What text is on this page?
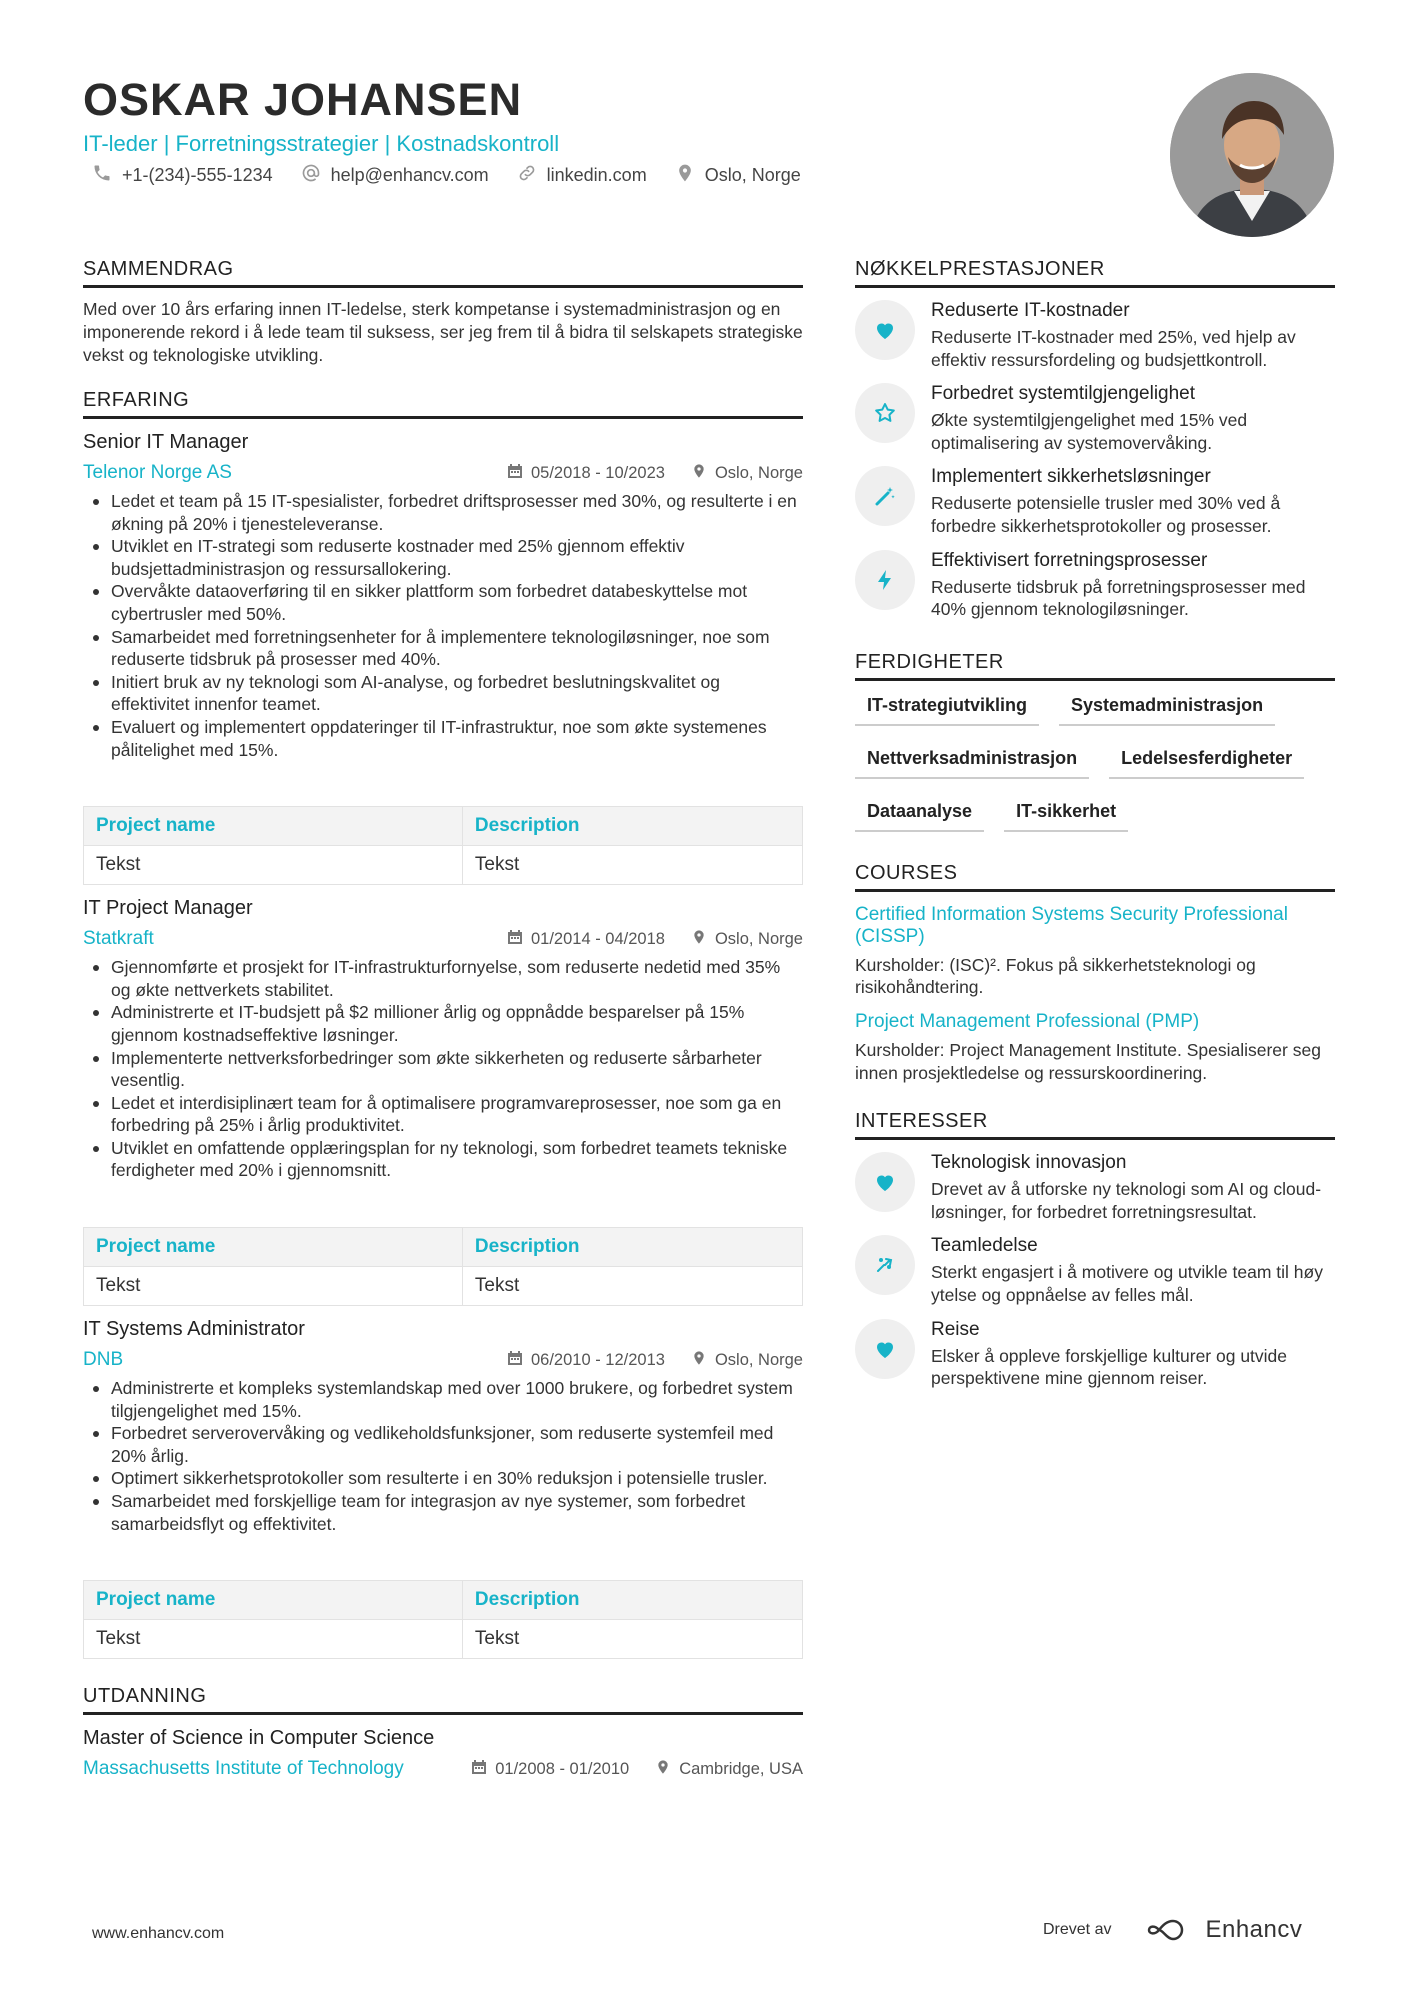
OSKAR JOHANSEN
IT-leder | Forretningsstrategier | Kostnadskontroll
+1-(234)-555-1234	help@enhancv.com	linkedin.com	Oslo, Norge
SAMMENDRAG
Med over 10 års erfaring innen IT-ledelse, sterk kompetanse i systemadministrasjon og en imponerende rekord i å lede team til suksess, ser jeg frem til å bidra til selskapets strategiske vekst og teknologiske utvikling.
ERFARING
Senior IT Manager
Telenor Norge AS	05/2018 - 10/2023	Oslo, Norge
Ledet et team på 15 IT-spesialister, forbedret driftsprosesser med 30%, og resulterte i en økning på 20% i tjenesteleveranse.
Utviklet en IT-strategi som reduserte kostnader med 25% gjennom effektiv budsjettadministrasjon og ressursallokering.
Overvåkte dataoverføring til en sikker plattform som forbedret databeskyttelse mot cybertrusler med 50%.
Samarbeidet med forretningsenheter for å implementere teknologiløsninger, noe som reduserte tidsbruk på prosesser med 40%.
Initiert bruk av ny teknologi som AI-analyse, og forbedret beslutningskvalitet og effektivitet innenfor teamet.
Evaluert og implementert oppdateringer til IT-infrastruktur, noe som økte systemenes pålitelighet med 15%.
Project name	Description
Tekst	Tekst
IT Project Manager
Statkraft	01/2014 - 04/2018	Oslo, Norge
Gjennomførte et prosjekt for IT-infrastrukturfornyelse, som reduserte nedetid med 35% og økte nettverkets stabilitet.
Administrerte et IT-budsjett på $2 millioner årlig og oppnådde besparelser på 15% gjennom kostnadseffektive løsninger.
Implementerte nettverksforbedringer som økte sikkerheten og reduserte sårbarheter vesentlig.
Ledet et interdisiplinært team for å optimalisere programvareprosesser, noe som ga en forbedring på 25% i årlig produktivitet.
Utviklet en omfattende opplæringsplan for ny teknologi, som forbedret teamets tekniske ferdigheter med 20% i gjennomsnitt.
Project name	Description
Tekst	Tekst
IT Systems Administrator
DNB	06/2010 - 12/2013	Oslo, Norge
Administrerte et kompleks systemlandskap med over 1000 brukere, og forbedret system tilgjengelighet med 15%.
Forbedret serverovervåking og vedlikeholdsfunksjoner, som reduserte systemfeil med 20% årlig.
Optimert sikkerhetsprotokoller som resulterte i en 30% reduksjon i potensielle trusler.
Samarbeidet med forskjellige team for integrasjon av nye systemer, som forbedret samarbeidsflyt og effektivitet.
Project name	Description
Tekst	Tekst
UTDANNING
Master of Science in Computer Science
Massachusetts Institute of Technology	01/2008 - 01/2010	Cambridge, USA
NØKKELPRESTASJONER
Reduserte IT-kostnader
Reduserte IT-kostnader med 25%, ved hjelp av effektiv ressursfordeling og budsjettkontroll.
Forbedret systemtilgjengelighet
Økte systemtilgjengelighet med 15% ved optimalisering av systemovervåking.
Implementert sikkerhetsløsninger
Reduserte potensielle trusler med 30% ved å forbedre sikkerhetsprotokoller og prosesser.
Effektivisert forretningsprosesser
Reduserte tidsbruk på forretningsprosesser med 40% gjennom teknologiløsninger.
FERDIGHETER
IT-strategiutvikling	Systemadministrasjon
Nettverksadministrasjon	Ledelsesferdigheter
Dataanalyse	IT-sikkerhet
COURSES
Certified Information Systems Security Professional (CISSP)
Kursholder: (ISC)². Fokus på sikkerhetsteknologi og risikohåndtering.
Project Management Professional (PMP)
Kursholder: Project Management Institute. Spesialiserer seg innen prosjektledelse og ressurskoordinering.
INTERESSER
Teknologisk innovasjon
Drevet av å utforske ny teknologi som AI og cloud-løsninger, for forbedret forretningsresultat.
Teamledelse
Sterkt engasjert i å motivere og utvikle team til høy ytelse og oppnåelse av felles mål.
Reise
Elsker å oppleve forskjellige kulturer og utvide perspektivene mine gjennom reiser.
www.enhancv.com	Drevet av	Enhancv
